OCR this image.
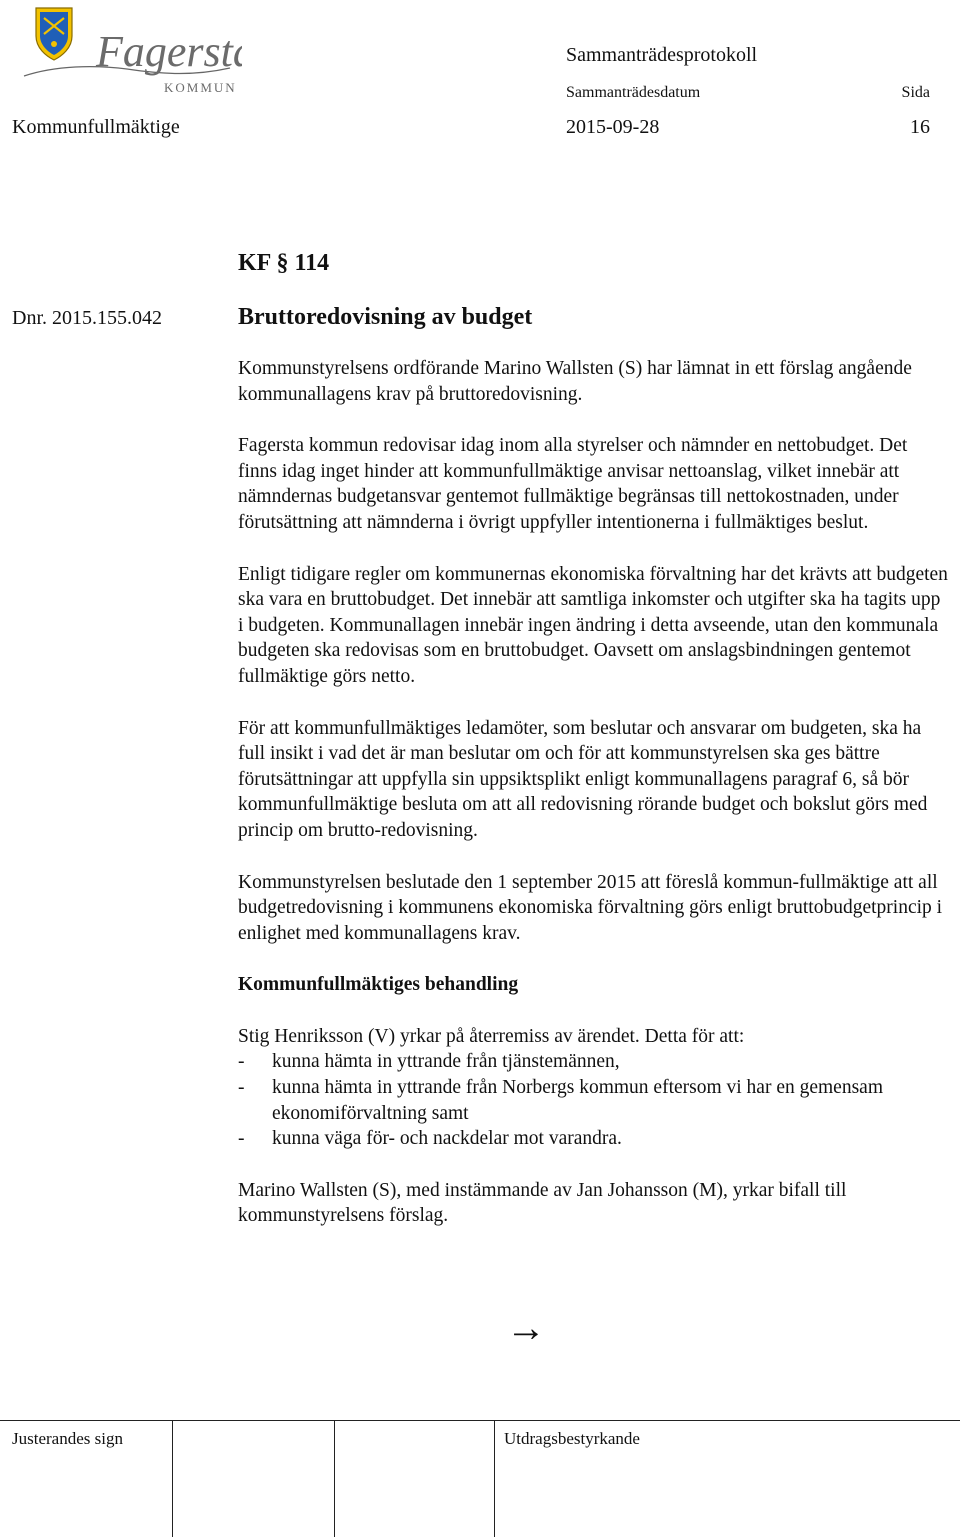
Fagersta
KOMMUN
Sammanträdesprotokoll
Sammanträdesdatum	Sida
Kommunfullmäktige	2015-09-28	16
KF § 114
Dnr. 2015.155.042	Bruttoredovisning av budget

Kommunstyrelsens ordförande Marino Wallsten (S) har lämnat in ett förslag angående kommunallagens krav på bruttoredovisning.

Fagersta kommun redovisar idag inom alla styrelser och nämnder en nettobudget. Det finns idag inget hinder att kommunfullmäktige anvisar nettoanslag, vilket innebär att nämndernas budgetansvar gentemot fullmäktige begränsas till nettokostnaden, under förutsättning att nämnderna i övrigt uppfyller intentionerna i fullmäktiges beslut.

Enligt tidigare regler om kommunernas ekonomiska förvaltning har det krävts att budgeten ska vara en bruttobudget. Det innebär att samtliga inkomster och utgifter ska ha tagits upp i budgeten. Kommunallagen innebär ingen ändring i detta avseende, utan den kommunala budgeten ska redovisas som en bruttobudget. Oavsett om anslagsbindningen gentemot fullmäktige görs netto.

För att kommunfullmäktiges ledamöter, som beslutar och ansvarar om budgeten, ska ha full insikt i vad det är man beslutar om och för att kommunstyrelsen ska ges bättre förutsättningar att uppfylla sin uppsiktsplikt enligt kommunallagens paragraf 6, så bör kommunfullmäktige besluta om att all redovisning rörande budget och bokslut görs med princip om brutto-redovisning.

Kommunstyrelsen beslutade den 1 september 2015 att föreslå kommun-fullmäktige att all budgetredovisning i kommunens ekonomiska förvaltning görs enligt bruttobudgetprincip i enlighet med kommunallagens krav.

Kommunfullmäktiges behandling

Stig Henriksson (V) yrkar på återremiss av ärendet. Detta för att:

- kunna hämta in yttrande från tjänstemännen,
- kunna hämta in yttrande från Norbergs kommun eftersom vi har en gemensam ekonomiförvaltning samt
- kunna väga för- och nackdelar mot varandra.

Marino Wallsten (S), med instämmande av Jan Johansson (M), yrkar bifall till kommunstyrelsens förslag.

→
Justerandes sign	Utdragsbestyrkande
